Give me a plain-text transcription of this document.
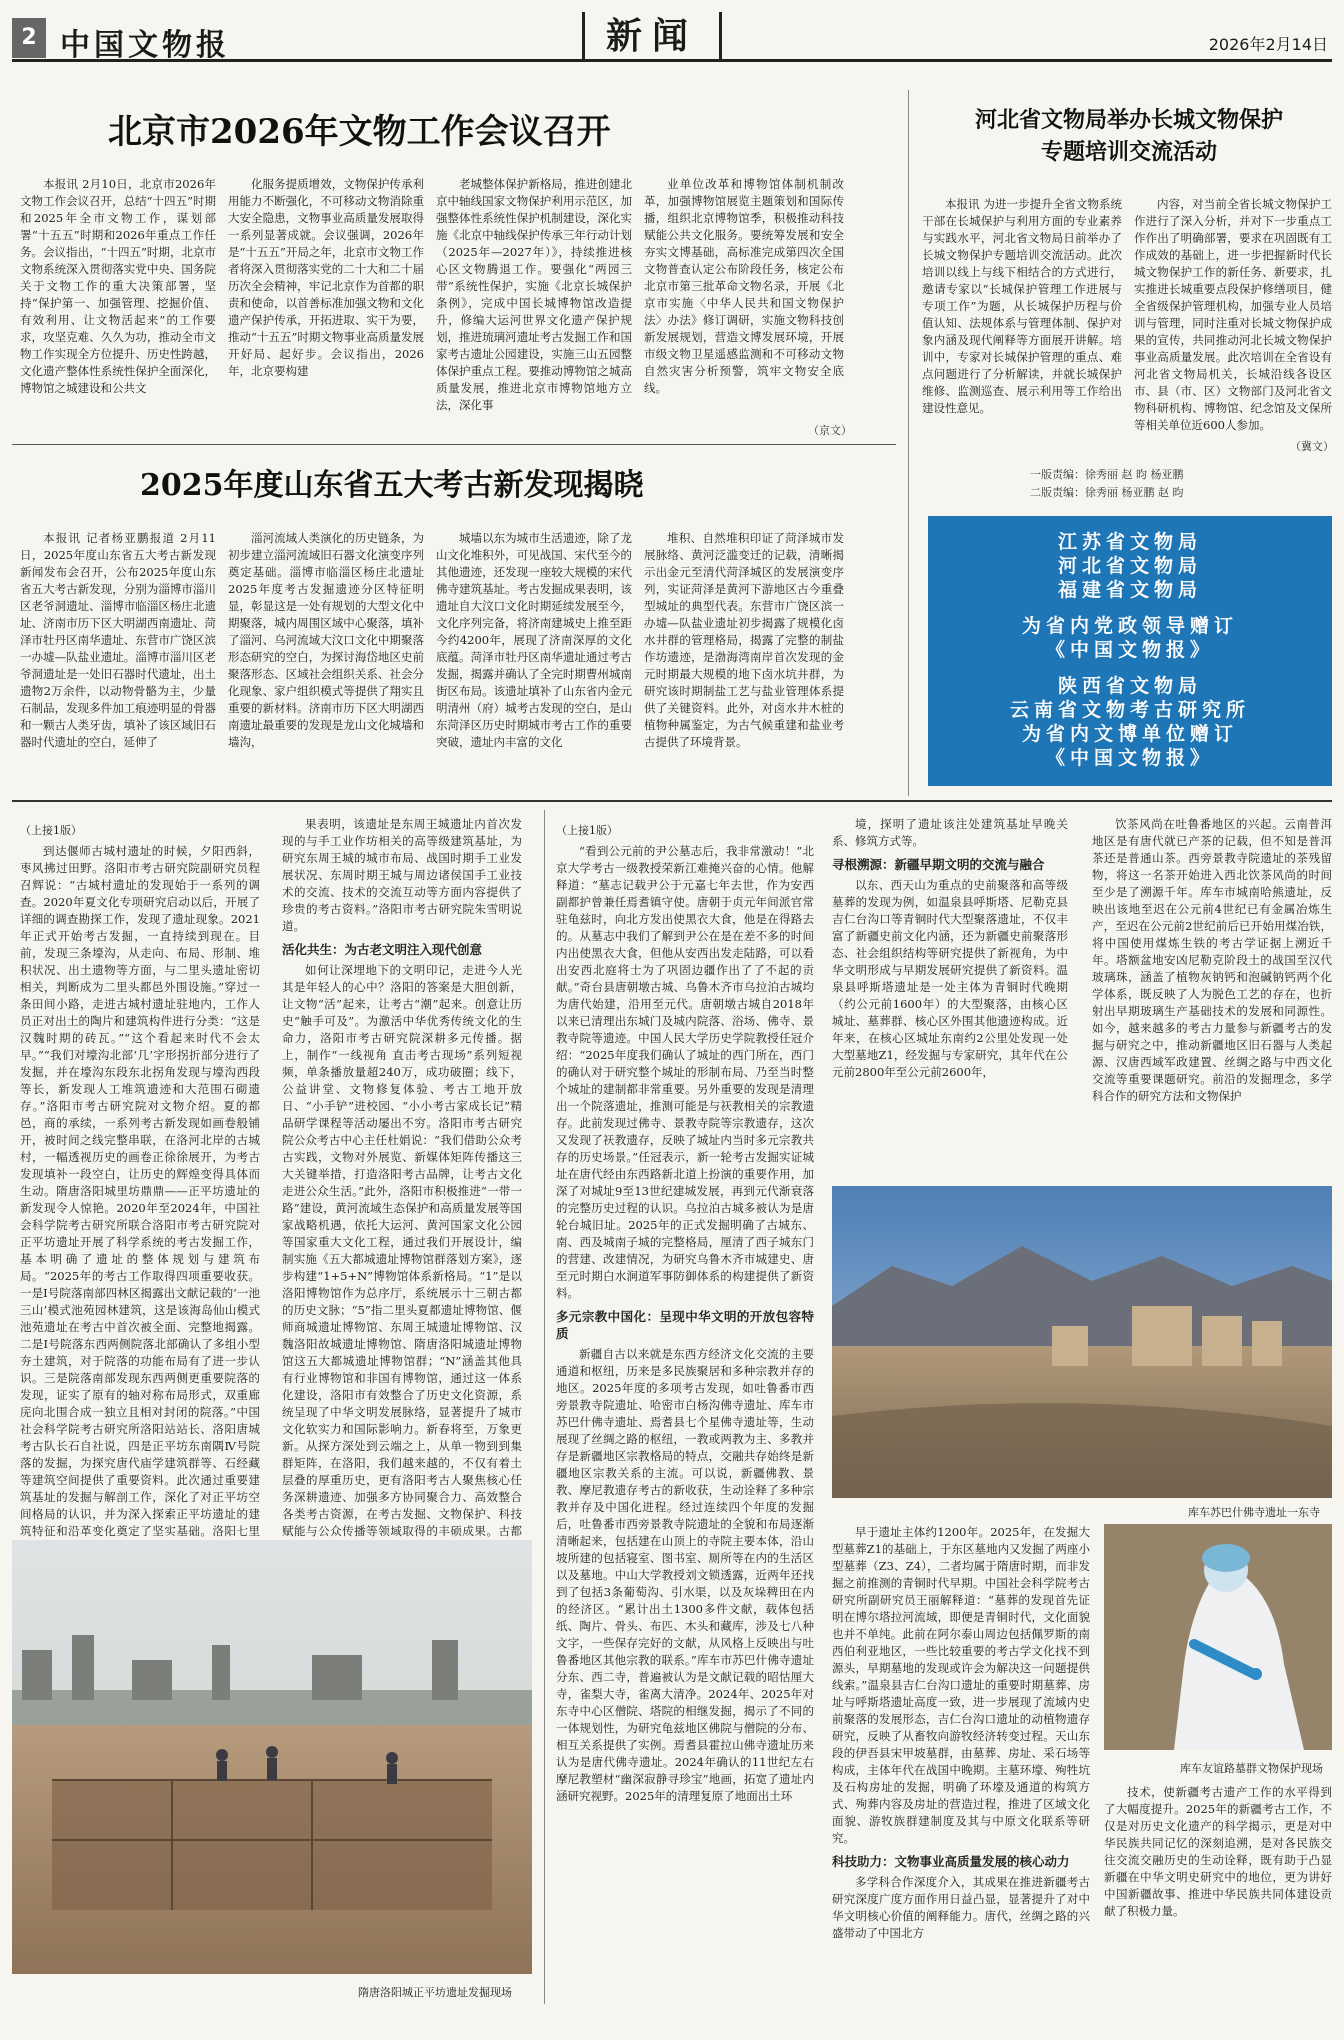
2 中国文物报	新闻	2026年2月14日
北京市2026年文物工作会议召开

本报讯 2月10日，北京市2026年文物工作会议召开，总结“十四五”时期和2025年全市文物工作，谋划部署“十五五”时期和2026年重点工作任务。会议指出，“十四五”时期，北京市文物系统深入贯彻落实党中央、国务院关于文物工作的重大决策部署，坚持“保护第一、加强管理、挖掘价值、有效利用、让文物活起来”的工作要求，攻坚克难、久久为功，推动全市文物工作实现全方位提升、历史性跨越，文化遗产整体性系统性保护全面深化，博物馆之城建设和公共文

化服务提质增效，文物保护传承利用能力不断强化，不可移动文物消除重大安全隐患，文物事业高质量发展取得一系列显著成就。会议强调，2026年是“十五五”开局之年，北京市文物工作者将深入贯彻落实党的二十大和二十届历次全会精神，牢记北京作为首都的职责和使命，以首善标准加强文物和文化遗产保护传承，开拓进取、实干为要，推动“十五五”时期文物事业高质量发展开好局、起好步。会议指出，2026年，北京要构建

老城整体保护新格局，推进创建北京中轴线国家文物保护利用示范区，加强整体性系统性保护机制建设，深化实施《北京中轴线保护传承三年行动计划（2025年—2027年）》，持续推进核心区文物腾退工作。要强化“两园三带”系统性保护，实施《北京长城保护条例》，完成中国长城博物馆改造提升，修编大运河世界文化遗产保护规划，推进琉璃河遗址考古发掘工作和国家考古遗址公园建设，实施三山五园整体保护重点工程。要推动博物馆之城高质量发展，推进北京市博物馆地方立法，深化事

业单位改革和博物馆体制机制改革，加强博物馆展览主题策划和国际传播，组织北京博物馆季，积极推动科技赋能公共文化服务。要统筹发展和安全夯实文博基础，高标准完成第四次全国文物普查认定公布阶段任务，核定公布北京市第三批革命文物名录，开展《北京市实施〈中华人民共和国文物保护法〉办法》修订调研，实施文物科技创新发展规划，营造文博发展环境，开展市级文物卫星遥感监测和不可移动文物自然灾害分析预警，筑牢文物安全底线。

（京文）
河北省文物局举办长城文物保护
专题培训交流活动

本报讯 为进一步提升全省文物系统干部在长城保护与利用方面的专业素养与实践水平，河北省文物局日前举办了长城文物保护专题培训交流活动。此次培训以线上与线下相结合的方式进行，邀请专家以“长城保护管理工作进展与专项工作”为题，从长城保护历程与价值认知、法规体系与管理体制、保护对象内涵及现代阐释等方面展开讲解。培训中，专家对长城保护管理的重点、难点问题进行了分析解读，并就长城保护维修、监测巡查、展示利用等工作给出建设性意见。

内容，对当前全省长城文物保护工作进行了深入分析，并对下一步重点工作作出了明确部署，要求在巩固既有工作成效的基础上，进一步把握新时代长城文物保护工作的新任务、新要求，扎实推进长城重要点段保护修缮项目，健全省级保护管理机构，加强专业人员培训与管理，同时注重对长城文物保护成果的宣传，共同推动河北长城文物保护事业高质量发展。此次培训在全省设有河北省文物局机关，长城沿线各设区市、县（市、区）文物部门及河北省文物科研机构、博物馆、纪念馆及文保所等相关单位近600人参加。

（冀文）
一版责编：徐秀丽 赵 昀 杨亚鹏
二版责编：徐秀丽 杨亚鹏 赵 昀

江苏省文物局

河北省文物局

福建省文物局

为省内党政领导赠订

《中国文物报》

陕西省文物局

云南省文物考古研究所

为省内文博单位赠订

《中国文物报》

2025年度山东省五大考古新发现揭晓

本报讯 记者杨亚鹏报道 2月11日，2025年度山东省五大考古新发现新闻发布会召开，公布2025年度山东省五大考古新发现，分别为淄博市淄川区老爷洞遗址、淄博市临淄区杨庄北遗址、济南市历下区大明湖西南遗址、菏泽市牡丹区南华遗址、东营市广饶区滨一办墟—队盐业遗址。淄博市淄川区老爷洞遗址是一处旧石器时代遗址，出土遗物2万余件，以动物骨骼为主，少量石制品，发现多件加工痕迹明显的骨器和一颗古人类牙齿，填补了该区域旧石器时代遗址的空白，延伸了

淄河流域人类演化的历史链条，为初步建立淄河流域旧石器文化演变序列奠定基础。淄博市临淄区杨庄北遗址2025年度考古发掘遗迹分区特征明显，彰显这是一处有规划的大型文化中期聚落，城内周围区域中心聚落，填补了淄河、乌河流域大汶口文化中期聚落形态研究的空白，为探讨海岱地区史前聚落形态、区域社会组织关系、社会分化现象、家户组织模式等提供了翔实且重要的新材料。济南市历下区大明湖西南遗址最重要的发现是龙山文化城墙和墙沟，

城墙以东为城市生活遗迹，除了龙山文化堆积外，可见战国、宋代至今的其他遗迹，还发现一座较大规模的宋代佛寺建筑基址。考古发掘成果表明，该遗址自大汶口文化时期延续发展至今，文化序列完备，将济南建城史上推至距今约4200年，展现了济南深厚的文化底蕴。菏泽市牡丹区南华遗址通过考古发掘，揭露并确认了全完时期曹州城南街区布局。该遗址填补了山东省内金元明清州（府）城考古发现的空白，是山东菏泽区历史时期城市考古工作的重要突破，遗址内丰富的文化

堆积、自然堆积印证了菏泽城市发展脉络、黄河泛滥变迁的记载，清晰揭示出金元至清代菏泽城区的发展演变序列，实证菏泽是黄河下游地区古今重叠型城址的典型代表。东营市广饶区滨一办墟—队盐业遗址初步揭露了规模化卤水井群的管理格局，揭露了完整的制盐作坊遗迹，是渤海湾南岸首次发现的金元时期最大规模的地下卤水坑井群，为研究该时期制盐工艺与盐业管理体系提供了关键资料。此外，对卤水井木桩的植物种属鉴定，为古气候重建和盐业考古提供了环境背景。

（上接1版）

到达偃师古城村遗址的时候，夕阳西斜，枣风拂过田野。洛阳市考古研究院副研究员程召辉说：“古城村遗址的发现始于一系列的调查。2020年夏文化专项研究启动以后，开展了详细的调查勘探工作，发现了遗址现象。2021年正式开始考古发掘，一直持续到现在。目前，发现三条壕沟，从走向、布局、形制、堆积状况、出土遗物等方面，与二里头遗址密切相关，判断成为二里头都邑外围设施。”穿过一条田间小路，走进古城村遗址驻地内，工作人员正对出土的陶片和建筑构件进行分类：“这是汉魏时期的砖瓦。”“这个看起来时代不会太早。”“我们对壕沟北部‘几’字形拐折部分进行了发掘，并在壕沟东段东北拐角发现与壕沟西段等长，新发现人工堆筑遗迹和大范围石砌遗存。”洛阳市考古研究院对文物介绍。夏的都邑，商的承续，一系列考古新发现如画卷般铺开，被时间之线完整串联，在洛河北岸的古城村，一幅透视历史的画卷正徐徐展开，为考古发现填补一段空白，让历史的辉煌变得具体而生动。隋唐洛阳城里坊鼎鼎——正平坊遗址的新发现令人惊艳。2020年至2024年，中国社会科学院考古研究所联合洛阳市考古研究院对正平坊遗址开展了科学系统的考古发掘工作，基本明确了遗址的整体规划与建筑布局。“2025年的考古工作取得四项重要收获。一是Ⅰ号院落南部四林区揭露出文献记载的‘一池三山’模式池苑园林建筑，这是该海岛仙山模式池苑遗址在考古中首次被全面、完整地揭露。二是Ⅰ号院落东西两侧院落北部确认了多组小型夯土建筑，对于院落的功能布局有了进一步认识。三是院落南部发现东西两侧更重要院落的发现，证实了原有的轴对称布局形式，双重廊庑向北围合成一独立且相对封闭的院落。”中国社会科学院考古研究所洛阳站站长、洛阳唐城考古队长石自社说，四是正平坊东南隅Ⅳ号院落的发掘，为探究唐代庙学建筑群等、石经藏等建筑空间提供了重要资料。此次通过重要建筑基址的发掘与解剖工作，深化了对正平坊空间格局的认识，并为深入探索正平坊遗址的建筑特征和沿革变化奠定了坚实基础。洛阳七里

果表明，该遗址是东周王城遗址内首次发现的与手工业作坊相关的高等级建筑基址，为研究东周王城的城市布局、战国时期手工业发展状况、东周时期王城与周边诸侯国手工业技术的交流、技术的交流互动等方面内容提供了珍贵的考古资料。”洛阳市考古研究院朱雪明说道。

活化共生：为古老文明注入现代创意

如何让深埋地下的文明印记，走进今人光其是年轻人的心中？洛阳的答案是大胆创新，让文物“活”起来，让考古“潮”起来。创意让历史“触手可及”。为激活中华优秀传统文化的生命力，洛阳市考古研究院深耕多元传播。据上，制作“一线视角 直击考古现场”系列短视频，单条播放量超240万，成功破圈；线下，公益讲堂、文物修复体验、考古工地开放日、“小手铲”进校园、“小小考古家成长记”精品研学课程等活动屡出不穷。洛阳市考古研究院公众考古中心主任杜娟说：“我们借助公众考古实践，文物对外展览、新媒体矩阵传播这三大关键举措，打造洛阳考古品牌，让考古文化走进公众生活。”此外，洛阳市积极推进“一带一路”建设，黄河流域生态保护和高质量发展等国家战略机遇，依托大运河、黄河国家文化公园等国家重大文化工程，通过我们开展设计，编制实施《五大都城遗址博物馆群落划方案》，逐步构建“1+5+N”博物馆体系新格局。“1”是以洛阳博物馆作为总序厅，系统展示十三朝古都的历史文脉；“5”指二里头夏都遗址博物馆、偃师商城遗址博物馆、东周王城遗址博物馆、汉魏洛阳故城遗址博物馆、隋唐洛阳城遗址博物馆这五大都城遗址博物馆群；“N”涵盖其他具有行业博物馆和非国有博物馆，通过这一体系化建设，洛阳市有效整合了历史文化资源，系统呈现了中华文明发展脉络，显著提升了城市文化软实力和国际影响力。新春将至，万象更新。从探方深处到云端之上，从单一物到到集群矩阵，在洛阳，我们越来越的，不仅有着土层叠的厚重历史，更有洛阳考古人聚焦核心任务深耕遗迹、加强多方协同聚合力、高效整合各类考古资源，在考古发掘、文物保护、科技赋能与公众传播等领域取得的丰硕成果。古都

隋唐洛阳城正平坊遗址发掘现场
（上接1版）

“看到公元前的尹公墓志后，我非常激动！”北京大学考古一级教授荣新江难掩兴奋的心情。他解释道：“墓志记载尹公于元嘉七年去世，作为安西副都护曾兼任焉耆镇守使。唐朝于贞元年间派官常驻龟兹时，向北方发出使黑衣大食，他是在得路去的。从墓志中我们了解到尹公在是在差不多的时间内出使黑衣大食，但他从安西出发走陆路，可以看出安西北庭将士为了巩固边疆作出了了不起的贡献。”奇台县唐朝墩古城、乌鲁木齐市乌拉泊古城均为唐代始建，沿用至元代。唐朝墩古城自2018年以来已清理出东城门及城内院落、浴场、佛寺、景教寺院等遗迹。中国人民大学历史学院教授任冠介绍：“2025年度我们确认了城址的西门所在，西门的确认对于研究整个城址的形制布局、乃至当时整个城址的建制都非常重要。另外重要的发现是清理出一个院落遗址，推测可能是与祆教相关的宗教遗存。此前发现过佛寺、景教寺院等宗教遗存，这次又发现了祆教遗存，反映了城址内当时多元宗教共存的历史场景。”任冠表示，新一轮考古发掘实证城址在唐代经由东西路新北道上扮演的重要作用，加深了对城址9至13世纪建城发展，再到元代渐衰落的完整历史过程的认识。乌拉泊古城多被认为是唐轮台城旧址。2025年的正式发掘明确了古城东、南、西及城南子城的完整格局，厘清了西子城东门的营建、改建情况，为研究乌鲁木齐市城建史、唐至元时期白水涧道军事防御体系的构建提供了新资料。

多元宗教中国化：呈现中华文明的开放包容特质

新疆自古以来就是东西方经济文化交流的主要通道和枢纽，历来是多民族聚居和多种宗教并存的地区。2025年度的多项考古发现，如吐鲁番市西旁景教寺院遗址、哈密市白杨沟佛寺遗址、库车市苏巴什佛寺遗址、焉耆县七个星佛寺遗址等，生动展现了丝绸之路的枢纽，一教或两教为主、多教并存是新疆地区宗教格局的特点，交融共存始终是新疆地区宗教关系的主流。可以说，新疆佛教、景教、摩尼教遗存考古的新收获，生动诠释了多种宗教并存及中国化进程。经过连续四个年度的发掘后，吐鲁番市西旁景教寺院遗址的全貌和布局逐渐清晰起来，包括建在山顶上的寺院主要本体，沿山坡所建的包括寝室、图书室、厕所等在内的生活区以及墓地。中山大学教授刘文锁透露，近两年还找到了包括3条葡萄沟、引水渠，以及灰垛稗田在内的经济区。“累计出土1300多件文献，载体包括纸、陶片、骨头、布匹、木头和藏库，涉及七八种文字，一些保存完好的文献，从风格上反映出与吐鲁番地区其他宗教的联系。”库车市苏巴什佛寺遗址分东、西二寺，普遍被认为是文献记载的昭怙厘大寺，雀梨大寺，雀离大清净。2024年、2025年对东寺中心区僧院、塔院的相继发掘，揭示了不同的一体规划性，为研究龟兹地区佛院与僧院的分布、相互关系提供了实例。焉耆县霍拉山佛寺遗址历来认为是唐代佛寺遗址。2024年确认的11世纪左右摩尼教塑材“幽深寂静寻珍宝”地画，拓宽了遗址内涵研究视野。2025年的清理复原了地面出土环

境，探明了遗址该注处建筑基址早晚关系、修筑方式等。

寻根溯源：新疆早期文明的交流与融合

以东、西天山为重点的史前聚落和高等级墓葬的发现为例，如温泉县呼斯塔、尼勒克县吉仁台沟口等青铜时代大型聚落遗址，不仅丰富了新疆史前文化内涵，还为新疆史前聚落形态、社会组织结构等研究提供了新视角，为中华文明形成与早期发展研究提供了新资料。温泉县呼斯塔遗址是一处主体为青铜时代晚期（约公元前1600年）的大型聚落，由核心区城址、墓葬群、核心区外围其他遗迹构成。近年来，在核心区城址东南约2公里处发现一处大型墓地Z1，经发掘与专家研究，其年代在公元前2800年至公元前2600年，

饮茶风尚在吐鲁番地区的兴起。云南普洱地区是有唐代就已产茶的记载，但不知是普洱茶还是普通山茶。西旁景教寺院遗址的茶残留物，将这一名茶开始进入西北饮茶风尚的时间至少是了溯源千年。库车市城南哈熊遗址，反映出该地至迟在公元前4世纪已有金属冶炼生产，至迟在公元前2世纪前后已开始用煤冶铁，将中国使用煤炼生铁的考古学证据上溯近千年。塔额盆地安凶尼勒克阶段土的战国至汉代玻璃珠，涵盖了植物灰钠钙和泡碱钠钙两个化学体系，既反映了人为脱色工艺的存在，也折射出早期玻璃生产基础技术的发展和同源性。如今，越来越多的考古力量参与新疆考古的发掘与研究之中，推动新疆地区旧石器与人类起源、汉唐西域军政建置、丝绸之路与中西文化交流等重要课题研究。前沿的发掘理念，多学科合作的研究方法和文物保护

库车苏巴什佛寺遗址一东寺

早于遗址主体约1200年。2025年，在发掘大型墓葬Z1的基础上，于东区墓地内又发掘了两座小型墓葬（Z3、Z4），二者均属于隋唐时期，而非发掘之前推测的青铜时代早期。中国社会科学院考古研究所副研究员王丽解释道：“墓葬的发现首先证明在博尔塔拉河流域，即便是青铜时代，文化面貌也并不单纯。此前在阿尔泰山周边包括佩罗斯的南西伯利亚地区，一些比较重要的考古学文化找不到源头，早期墓地的发现或许会为解决这一问题提供线索。”温泉县吉仁台沟口遗址的重要时期墓葬、房址与呼斯塔遗址高度一致，进一步展现了流域内史前聚落的发展形态，吉仁台沟口遗址的动植物遗存研究，反映了从畜牧向游牧经济转变过程。天山东段的伊吾县宋甲坡墓群，由墓葬、房址、采石场等构成，主体年代在战国中晚期。主墓环壕、殉牲坑及石构房址的发掘，明确了环壕及通道的构筑方式、殉葬内容及房址的营造过程，推进了区域文化面貌、游牧族群建制度及其与中原文化联系等研究。

科技助力：文物事业高质量发展的核心动力

多学科合作深度介入，其成果在推进新疆考古研究深度广度方面作用日益凸显，显著提升了对中华文明核心价值的阐释能力。唐代，丝绸之路的兴盛带动了中国北方

库车友谊路墓群文物保护现场

技术，使新疆考古遗产工作的水平得到了大幅度提升。2025年的新疆考古工作，不仅是对历史文化遗产的科学揭示，更是对中华民族共同记忆的深刻追溯，是对各民族交往交流交融历史的生动诠释，既有助于凸显新疆在中华文明史研究中的地位，更为讲好中国新疆故事、推进中华民族共同体建设贡献了积极力量。
